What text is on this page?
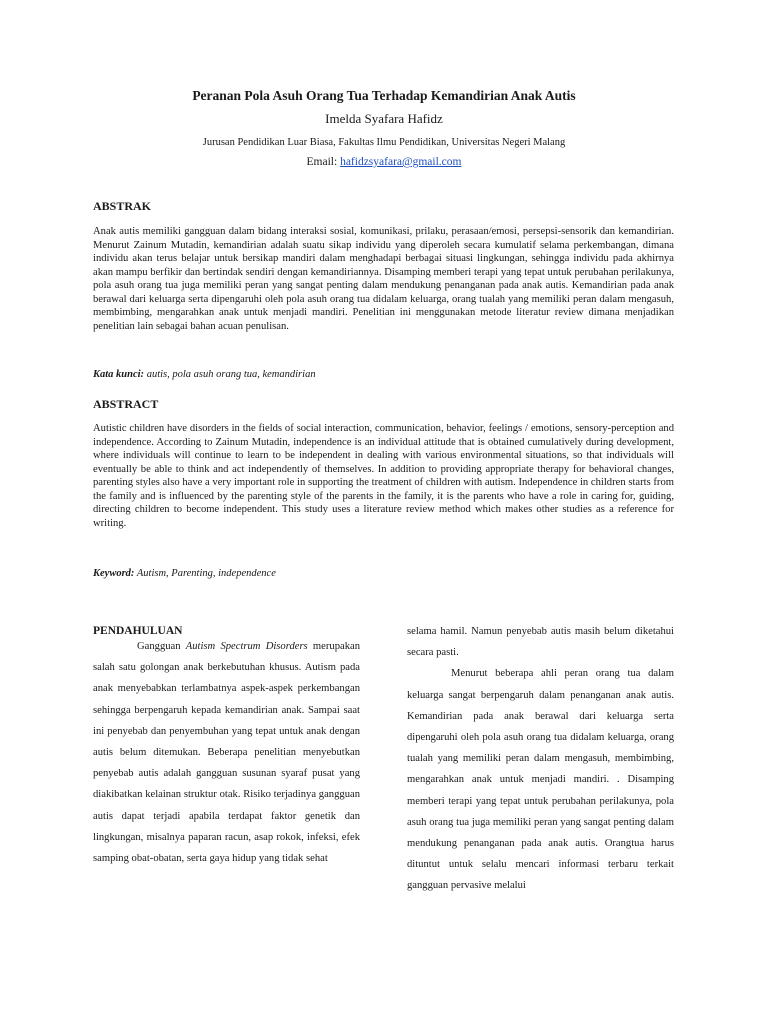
Peranan Pola Asuh Orang Tua Terhadap Kemandirian Anak Autis
Imelda Syafara Hafidz
Jurusan Pendidikan Luar Biasa, Fakultas Ilmu Pendidikan, Universitas Negeri Malang
Email: hafidzsyafara@gmail.com
ABSTRAK

Anak autis memiliki gangguan dalam bidang interaksi sosial, komunikasi, prilaku, perasaan/emosi, persepsi-sensorik dan kemandirian. Menurut Zainum Mutadin, kemandirian adalah suatu sikap individu yang diperoleh secara kumulatif selama perkembangan, dimana individu akan terus belajar untuk bersikap mandiri dalam menghadapi berbagai situasi lingkungan, sehingga individu pada akhirnya akan mampu berfikir dan bertindak sendiri dengan kemandiriannya. Disamping memberi terapi yang tepat untuk perubahan perilakunya, pola asuh orang tua juga memiliki peran yang sangat penting dalam mendukung penanganan pada anak autis. Kemandirian pada anak berawal dari keluarga serta dipengaruhi oleh pola asuh orang tua didalam keluarga, orang tualah yang memiliki peran dalam mengasuh, membimbing, mengarahkan anak untuk menjadi mandiri. Penelitian ini menggunakan metode literatur review dimana menjadikan penelitian lain sebagai bahan acuan penulisan.

Kata kunci: autis, pola asuh orang tua, kemandirian
ABSTRACT

Autistic children have disorders in the fields of social interaction, communication, behavior, feelings / emotions, sensory-perception and independence. According to Zainum Mutadin, independence is an individual attitude that is obtained cumulatively during development, where individuals will continue to learn to be independent in dealing with various environmental situations, so that individuals will eventually be able to think and act independently of themselves. In addition to providing appropriate therapy for behavioral changes, parenting styles also have a very important role in supporting the treatment of children with autism. Independence in children starts from the family and is influenced by the parenting style of the parents in the family, it is the parents who have a role in caring for, guiding, directing children to become independent. This study uses a literature review method which makes other studies as a reference for writing.

Keyword: Autism, Parenting, independence
PENDAHULUAN

Gangguan Autism Spectrum Disorders merupakan salah satu golongan anak berkebutuhan khusus. Autism pada anak menyebabkan terlambatnya aspek-aspek perkembangan sehingga berpengaruh kepada kemandirian anak. Sampai saat ini penyebab dan penyembuhan yang tepat untuk anak dengan autis belum ditemukan. Beberapa penelitian menyebutkan penyebab autis adalah gangguan susunan syaraf pusat yang diakibatkan kelainan struktur otak. Risiko terjadinya gangguan autis dapat terjadi apabila terdapat faktor genetik dan lingkungan, misalnya paparan racun, asap rokok, infeksi, efek samping obat-obatan, serta gaya hidup yang tidak sehat

selama hamil. Namun penyebab autis masih belum diketahui secara pasti.

Menurut beberapa ahli peran orang tua dalam keluarga sangat berpengaruh dalam penanganan anak autis. Kemandirian pada anak berawal dari keluarga serta dipengaruhi oleh pola asuh orang tua didalam keluarga, orang tualah yang memiliki peran dalam mengasuh, membimbing, mengarahkan anak untuk menjadi mandiri. . Disamping memberi terapi yang tepat untuk perubahan perilakunya, pola asuh orang tua juga memiliki peran yang sangat penting dalam mendukung penanganan pada anak autis. Orangtua harus dituntut untuk selalu mencari informasi terbaru terkait gangguan pervasive melalui
